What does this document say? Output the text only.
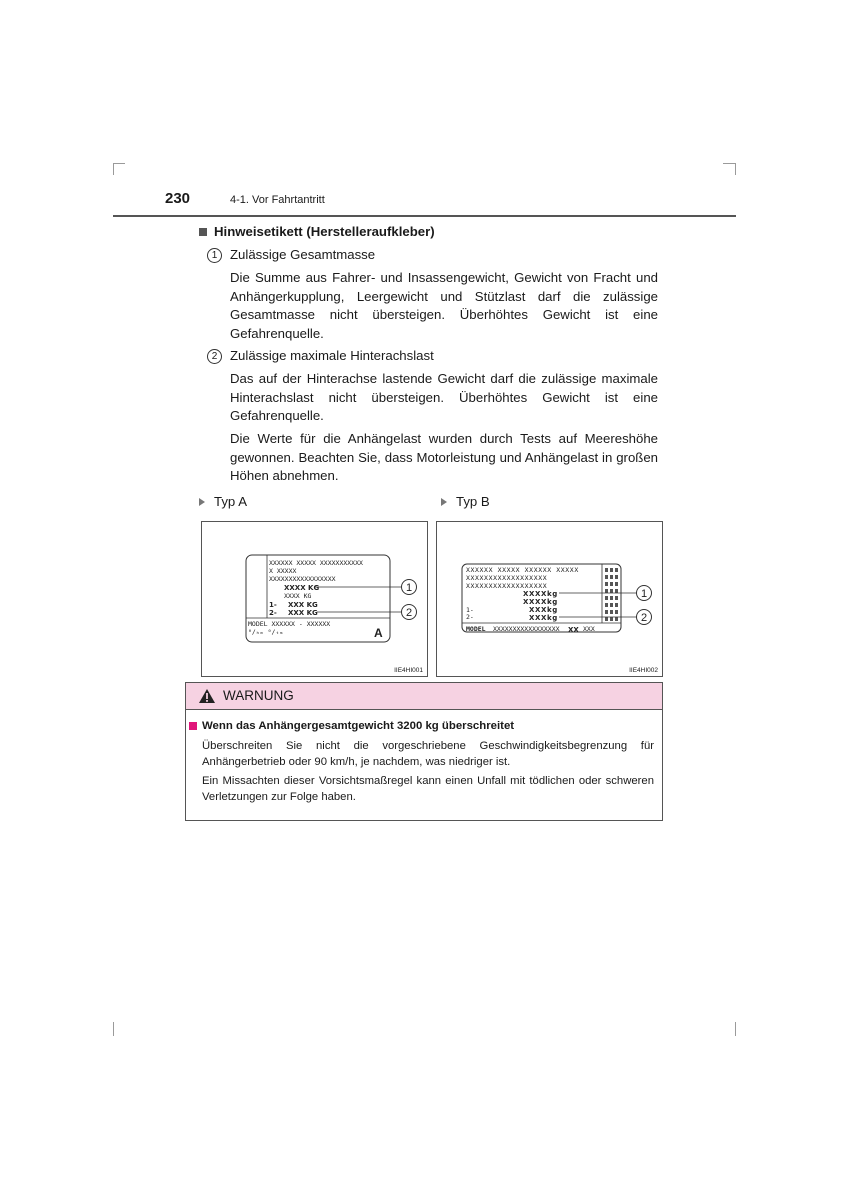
230	4-1. Vor Fahrtantritt
Hinweisetikett (Herstelleraufkleber)
1 Zulässige Gesamtmasse
Die Summe aus Fahrer- und Insassengewicht, Gewicht von Fracht und Anhängerkupplung, Leergewicht und Stützlast darf die zulässige Gesamtmasse nicht übersteigen. Überhöhtes Gewicht ist eine Gefahrenquelle.
2 Zulässige maximale Hinterachslast
Das auf der Hinterachse lastende Gewicht darf die zulässige maximale Hinterachslast nicht übersteigen. Überhöhtes Gewicht ist eine Gefahrenquelle.
Die Werte für die Anhängelast wurden durch Tests auf Meereshöhe gewonnen. Beachten Sie, dass Motorleistung und Anhängelast in großen Höhen abnehmen.
Typ A	Typ B
XXXXXX XXXXX XXXXXXXXXXX
X XXXXX
XXXXXXXXXXXXXXXXX
XXXX KG
XXXX KG
1- XXX KG
2- XXX KG
MODEL XXXXXX - XXXXXX
⁰/ₕₘ ⁰/ₜₘ	A
1
2
IIE4HI001
XXXXXX XXXXX XXXXXX XXXXX
XXXXXXXXXXXXXXXXXX
XXXXXXXXXXXXXXXXXX
XXXXkg
XXXXkg
1-	XXXkg
2-	XXXkg
MODEL XXXXXXXXXXXXXXXXX XX XXX
1
2
IIE4HI002
WARNUNG
Wenn das Anhängergesamtgewicht 3200 kg überschreitet
Überschreiten Sie nicht die vorgeschriebene Geschwindigkeitsbegrenzung für Anhängerbetrieb oder 90 km/h, je nachdem, was niedriger ist.
Ein Missachten dieser Vorsichtsmaßregel kann einen Unfall mit tödlichen oder schweren Verletzungen zur Folge haben.
